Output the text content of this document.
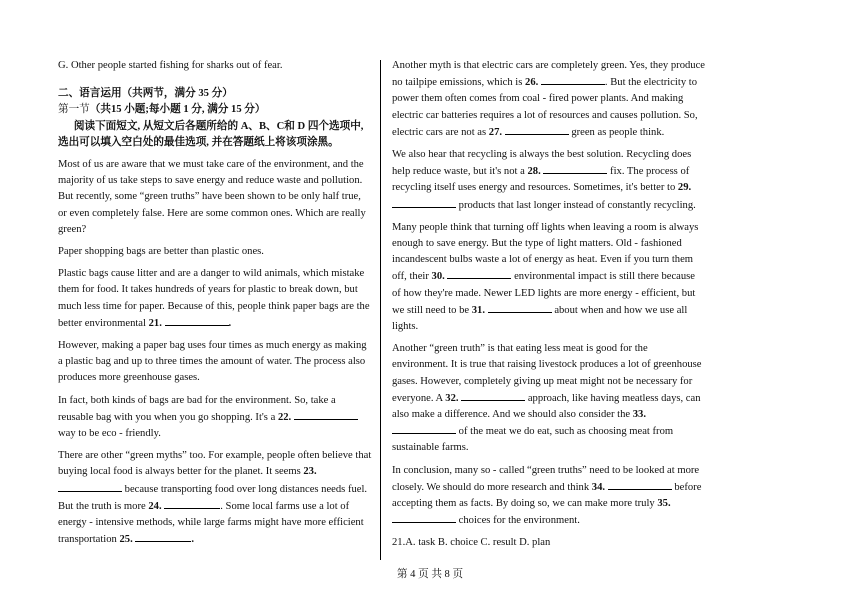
G. Other people started fishing for sharks out of fear.

二、语言运用（共两节，满分 35 分）

第一节（共15 小题;每小题 1 分, 满分 15 分）

阅读下面短文, 从短文后各题所给的 A、B、C和 D 四个选项中, 选出可以填入空白处的最佳选项, 并在答题纸上将该项涂黑。

Most of us are aware that we must take care of the environment, and the majority of us take steps to save energy and reduce waste and pollution. But recently, some “green truths” have been shown to be only half true, or even completely false. Here are some common ones. Which are really green?

Paper shopping bags are better than plastic ones.

Plastic bags cause litter and are a danger to wild animals, which mistake them for food. It takes hundreds of years for plastic to break down, but much less time for paper. Because of this, people think paper bags are the better environmental 21.	.

However, making a paper bag uses four times as much energy as making a plastic bag and up to three times the amount of water. The process also produces more greenhouse gases.

In fact, both kinds of bags are bad for the environment. So, take a reusable bag with you when you go shopping. It's a 22.  way to be eco - friendly.

There are other “green myths” too. For example, people often believe that buying local food is always better for the planet. It seems 23.  because transporting food over long distances needs fuel. But the truth is more 24.	. Some local farms use a lot of energy - intensive methods, while large farms might have more efficient transportation 25.	.

Another myth is that electric cars are completely green. Yes, they produce no tailpipe emissions, which is 26.	. But the electricity to power them often comes from coal - fired power plants. And making electric car batteries requires a lot of resources and causes pollution. So, electric cars are not as 27.	green as people think.

We also hear that recycling is always the best solution. Recycling does help reduce waste, but it's not a 28.	fix. The process of recycling itself uses energy and resources. Sometimes, it's better to 29.  products that last longer instead of constantly recycling.

Many people think that turning off lights when leaving a room is always enough to save energy. But the type of light matters. Old - fashioned incandescent bulbs waste a lot of energy as heat. Even if you turn them off, their 30.	environmental impact is still there because of how they're made. Newer LED lights are more energy - efficient, but we still need to be 31.	about when and how we use all lights.

Another “green truth” is that eating less meat is good for the environment. It is true that raising livestock produces a lot of greenhouse gases. However, completely giving up meat might not be necessary for everyone. A 32.	approach, like having meatless days, can also make a difference. And we should also consider the 33.  of the meat we do eat, such as choosing meat from sustainable farms.

In conclusion, many so - called “green truths” need to be looked at more closely. We should do more research and think 34.	before accepting them as facts. By doing so, we can make more truly 35.  choices for the environment.

21.A. task B. choice C. result D. plan

第 4 页 共 8 页
